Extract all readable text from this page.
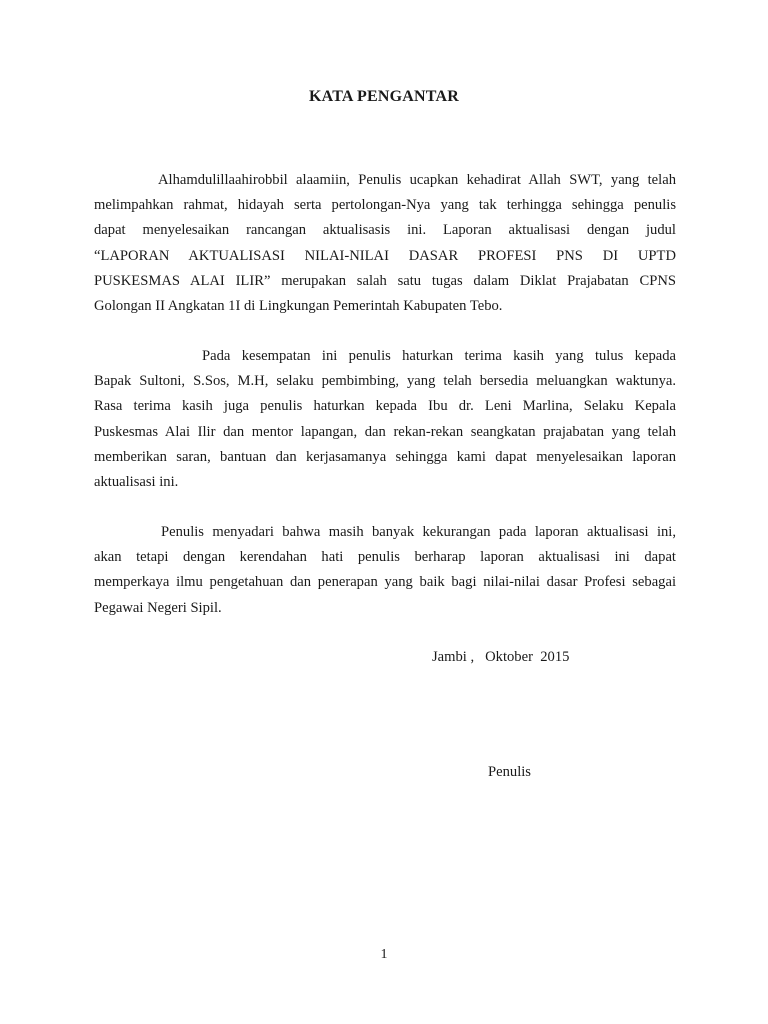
KATA PENGANTAR

Alhamdulillaahirobbil alaamiin, Penulis ucapkan kehadirat Allah SWT, yang telah
melimpahkan rahmat, hidayah serta pertolongan-Nya yang tak terhingga sehingga penulis
dapat menyelesaikan rancangan aktualisasis ini. Laporan aktualisasi dengan judul
“LAPORAN AKTUALISASI NILAI-NILAI DASAR PROFESI PNS DI UPTD
PUSKESMAS ALAI ILIR” merupakan salah satu tugas dalam Diklat Prajabatan CPNS
Golongan II Angkatan 1I di Lingkungan Pemerintah Kabupaten Tebo.

Pada kesempatan ini penulis haturkan terima kasih yang tulus kepada
Bapak Sultoni, S.Sos, M.H, selaku pembimbing, yang telah bersedia meluangkan waktunya.
Rasa terima kasih juga penulis haturkan kepada Ibu dr. Leni Marlina, Selaku Kepala
Puskesmas Alai Ilir dan mentor lapangan, dan rekan-rekan seangkatan prajabatan yang telah
memberikan saran, bantuan dan kerjasamanya sehingga kami dapat menyelesaikan laporan
aktualisasi ini.

Penulis menyadari bahwa masih banyak kekurangan pada laporan aktualisasi ini,
akan tetapi dengan kerendahan hati penulis berharap laporan aktualisasi ini dapat
memperkaya ilmu pengetahuan dan penerapan yang baik bagi nilai-nilai dasar Profesi sebagai
Pegawai Negeri Sipil.

Jambi ,   Oktober  2015
Penulis
1
